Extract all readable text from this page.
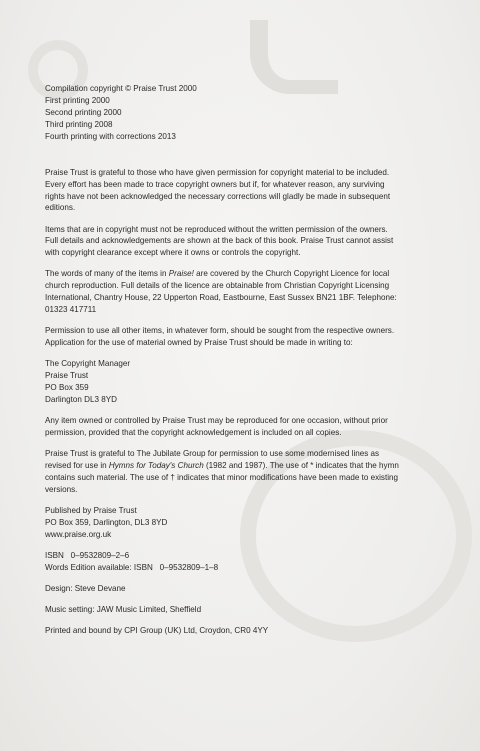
Compilation copyright © Praise Trust 2000
First printing 2000
Second printing 2000
Third printing 2008
Fourth printing with corrections 2013
Praise Trust is grateful to those who have given permission for copyright material to be included.
Every effort has been made to trace copyright owners but if, for whatever reason, any surviving
rights have not been acknowledged the necessary corrections will gladly be made in subsequent
editions.
Items that are in copyright must not be reproduced without the written permission of the owners.
Full details and acknowledgements are shown at the back of this book. Praise Trust cannot assist
with copyright clearance except where it owns or controls the copyright.
The words of many of the items in Praise! are covered by the Church Copyright Licence for local
church reproduction. Full details of the licence are obtainable from Christian Copyright Licensing
International, Chantry House, 22 Upperton Road, Eastbourne, East Sussex BN21 1BF. Telephone:
01323 417711
Permission to use all other items, in whatever form, should be sought from the respective owners.
Application for the use of material owned by Praise Trust should be made in writing to:
The Copyright Manager
Praise Trust
PO Box 359
Darlington DL3 8YD
Any item owned or controlled by Praise Trust may be reproduced for one occasion, without prior
permission, provided that the copyright acknowledgement is included on all copies.
Praise Trust is grateful to The Jubilate Group for permission to use some modernised lines as
revised for use in Hymns for Today's Church (1982 and 1987). The use of * indicates that the hymn
contains such material. The use of † indicates that minor modifications have been made to existing
versions.
Published by Praise Trust
PO Box 359, Darlington, DL3 8YD
www.praise.org.uk
ISBN   0–9532809–2–6
Words Edition available: ISBN   0–9532809–1–8
Design: Steve Devane
Music setting: JAW Music Limited, Sheffield
Printed and bound by CPI Group (UK) Ltd, Croydon, CR0 4YY
